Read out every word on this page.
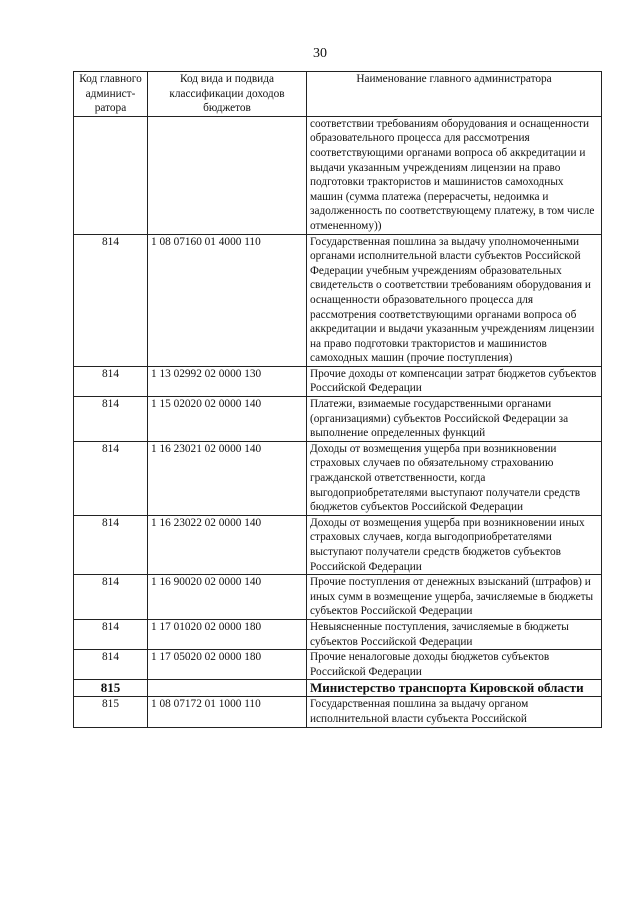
30
Код главного админист-ратора	Код вида и подвида классификации доходов бюджетов	Наименование главного администратора
		соответствии требованиям оборудования и оснащенности образовательного процесса для рассмотрения соответствующими органами вопроса об аккредитации и выдачи указанным учреждениям лицензии на право подготовки трактористов и машинистов самоходных машин (сумма платежа (перерасчеты, недоимка и задолженность по соответствующему платежу, в том числе отмененному))
814	1 08 07160 01 4000 110	Государственная пошлина за выдачу уполномоченными органами исполнительной власти субъектов Российской Федерации учебным учреждениям образовательных свидетельств о соответствии требованиям оборудования и оснащенности образовательного процесса для рассмотрения соответствующими органами вопроса об аккредитации и выдачи указанным учреждениям лицензии на право подготовки трактористов и машинистов самоходных машин (прочие поступления)
814	1 13 02992 02 0000 130	Прочие доходы от компенсации затрат бюджетов субъектов Российской Федерации
814	1 15 02020 02 0000 140	Платежи, взимаемые государственными органами (организациями) субъектов Российской Федерации за выполнение определенных функций
814	1 16 23021 02 0000 140	Доходы от возмещения ущерба при возникновении страховых случаев по обязательному страхованию гражданской ответственности, когда выгодоприобретателями выступают получатели средств бюджетов субъектов Российской Федерации
814	1 16 23022 02 0000 140	Доходы от возмещения ущерба при возникновении иных страховых случаев, когда выгодоприобретателями выступают получатели средств бюджетов субъектов Российской Федерации
814	1 16 90020 02 0000 140	Прочие поступления от денежных взысканий (штрафов) и иных сумм в возмещение ущерба, зачисляемые в бюджеты субъектов Российской Федерации
814	1 17 01020 02 0000 180	Невыясненные поступления, зачисляемые в бюджеты субъектов Российской Федерации
814	1 17 05020 02 0000 180	Прочие неналоговые доходы бюджетов субъектов Российской Федерации
815		Министерство транспорта Кировской области
815	1 08 07172 01 1000 110	Государственная пошлина за выдачу органом исполнительной власти субъекта Российской
